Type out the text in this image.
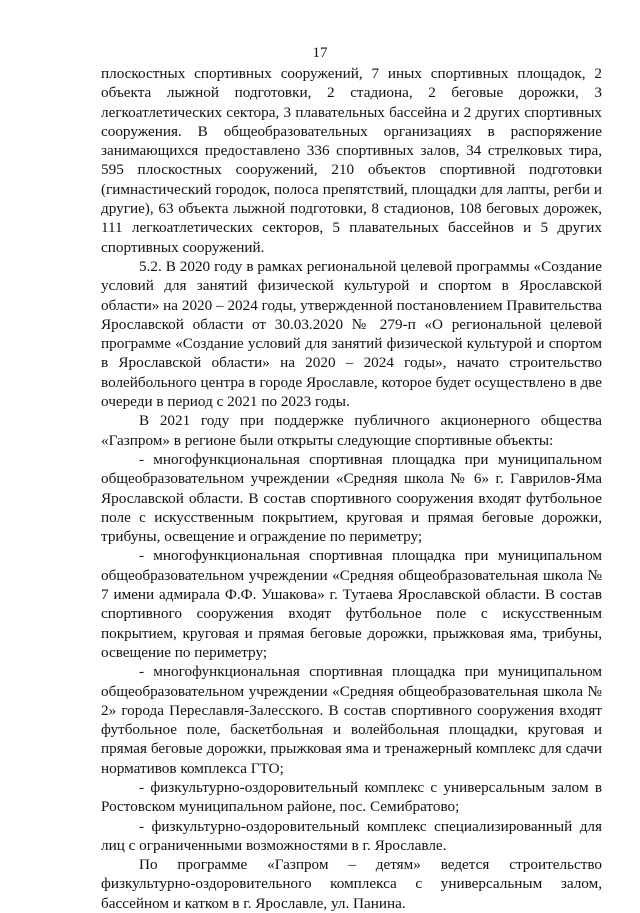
17

плоскостных спортивных сооружений, 7 иных спортивных площадок, 2 объекта лыжной подготовки, 2 стадиона, 2 беговые дорожки, 3 легкоатлетических сектора, 3 плавательных бассейна и 2 других спортивных сооружения. В общеобразовательных организациях в распоряжение занимающихся предоставлено 336 спортивных залов, 34 стрелковых тира, 595 плоскостных сооружений, 210 объектов спортивной подготовки (гимнастический городок, полоса препятствий, площадки для лапты, регби и другие), 63 объекта лыжной подготовки, 8 стадионов, 108 беговых дорожек, 111 легкоатлетических секторов, 5 плавательных бассейнов и 5 других спортивных сооружений.

5.2. В 2020 году в рамках региональной целевой программы «Создание условий для занятий физической культурой и спортом в Ярославской области» на 2020 – 2024 годы, утвержденной постановлением Правительства Ярославской области от 30.03.2020 № 279-п «О региональной целевой программе «Создание условий для занятий физической культурой и спортом в Ярославской области» на 2020 – 2024 годы», начато строительство волейбольного центра в городе Ярославле, которое будет осуществлено в две очереди в период с 2021 по 2023 годы.

В 2021 году при поддержке публичного акционерного общества «Газпром» в регионе были открыты следующие спортивные объекты:

- многофункциональная спортивная площадка при муниципальном общеобразовательном учреждении «Средняя школа № 6» г. Гаврилов-Яма Ярославской области. В состав спортивного сооружения входят футбольное поле с искусственным покрытием, круговая и прямая беговые дорожки, трибуны, освещение и ограждение по периметру;

- многофункциональная спортивная площадка при муниципальном общеобразовательном учреждении «Средняя общеобразовательная школа № 7 имени адмирала Ф.Ф. Ушакова» г. Тутаева Ярославской области. В состав спортивного сооружения входят футбольное поле с искусственным покрытием, круговая и прямая беговые дорожки, прыжковая яма, трибуны, освещение по периметру;

- многофункциональная спортивная площадка при муниципальном общеобразовательном учреждении «Средняя общеобразовательная школа № 2» города Переславля-Залесского. В состав спортивного сооружения входят футбольное поле, баскетбольная и волейбольная площадки, круговая и прямая беговые дорожки, прыжковая яма и тренажерный комплекс для сдачи нормативов комплекса ГТО;

- физкультурно-оздоровительный комплекс с универсальным залом в Ростовском муниципальном районе, пос. Семибратово;

- физкультурно-оздоровительный комплекс специализированный для лиц с ограниченными возможностями в г. Ярославле.

По программе «Газпром – детям» ведется строительство физкультурно-оздоровительного комплекса с универсальным залом, бассейном и катком в г. Ярославле, ул. Панина.
